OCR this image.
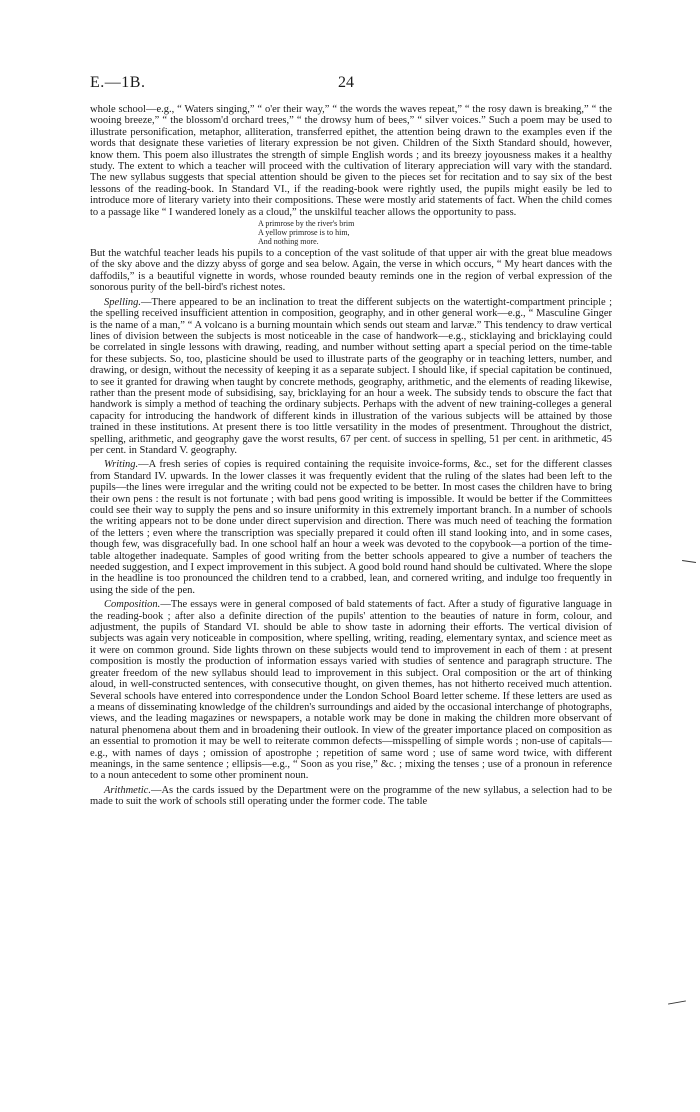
E.—1B.	24

whole school—e.g., “ Waters singing,” “ o'er their way,” “ the words the waves repeat,” “ the rosy dawn is breaking,” “ the wooing breeze,” “ the blossom'd orchard trees,” “ the drowsy hum of bees,” “ silver voices.” Such a poem may be used to illustrate personification, metaphor, alliteration, transferred epithet, the attention being drawn to the examples even if the words that designate these varieties of literary expression be not given. Children of the Sixth Standard should, however, know them. This poem also illustrates the strength of simple English words ; and its breezy joyousness makes it a healthy study. The extent to which a teacher will proceed with the cultivation of literary appreciation will vary with the standard. The new syllabus suggests that special attention should be given to the pieces set for recitation and to say six of the best lessons of the reading-book. In Standard VI., if the reading-book were rightly used, the pupils might easily be led to introduce more of literary variety into their compositions. These were mostly arid statements of fact. When the child comes to a passage like “ I wandered lonely as a cloud,” the unskilful teacher allows the opportunity to pass.

A primrose by the river's brim
A yellow primrose is to him,
And nothing more.

But the watchful teacher leads his pupils to a conception of the vast solitude of that upper air with the great blue meadows of the sky above and the dizzy abyss of gorge and sea below. Again, the verse in which occurs, “ My heart dances with the daffodils,” is a beautiful vignette in words, whose rounded beauty reminds one in the region of verbal expression of the sonorous purity of the bell-bird's richest notes.

Spelling.—There appeared to be an inclination to treat the different subjects on the watertight-compartment principle ; the spelling received insufficient attention in composition, geography, and in other general work—e.g., “ Masculine Ginger is the name of a man,” “ A volcano is a burning mountain which sends out steam and larvæ.” This tendency to draw vertical lines of division between the subjects is most noticeable in the case of handwork—e.g., sticklaying and bricklaying could be correlated in single lessons with drawing, reading, and number without setting apart a special period on the time-table for these subjects. So, too, plasticine should be used to illustrate parts of the geography or in teaching letters, number, and drawing, or design, without the necessity of keeping it as a separate subject. I should like, if special capitation be continued, to see it granted for drawing when taught by concrete methods, geography, arithmetic, and the elements of reading likewise, rather than the present mode of subsidising, say, bricklaying for an hour a week. The subsidy tends to obscure the fact that handwork is simply a method of teaching the ordinary subjects. Perhaps with the advent of new training-colleges a general capacity for introducing the handwork of different kinds in illustration of the various subjects will be attained by those trained in these institutions. At present there is too little versatility in the modes of presentment. Throughout the district, spelling, arithmetic, and geography gave the worst results, 67 per cent. of success in spelling, 51 per cent. in arithmetic, 45 per cent. in Standard V. geography.

Writing.—A fresh series of copies is required containing the requisite invoice-forms, &c., set for the different classes from Standard IV. upwards. In the lower classes it was frequently evident that the ruling of the slates had been left to the pupils—the lines were irregular and the writing could not be expected to be better. In most cases the children have to bring their own pens : the result is not fortunate ; with bad pens good writing is impossible. It would be better if the Committees could see their way to supply the pens and so insure uniformity in this extremely important branch. In a number of schools the writing appears not to be done under direct supervision and direction. There was much need of teaching the formation of the letters ; even where the transcription was specially prepared it could often ill stand looking into, and in some cases, though few, was disgracefully bad. In one school half an hour a week was devoted to the copybook—a portion of the time-table altogether inadequate. Samples of good writing from the better schools appeared to give a number of teachers the needed suggestion, and I expect improvement in this subject. A good bold round hand should be cultivated. Where the slope in the headline is too pronounced the children tend to a crabbed, lean, and cornered writing, and indulge too frequently in using the side of the pen.

Composition.—The essays were in general composed of bald statements of fact. After a study of figurative language in the reading-book ; after also a definite direction of the pupils' attention to the beauties of nature in form, colour, and adjustment, the pupils of Standard VI. should be able to show taste in adorning their efforts. The vertical division of subjects was again very noticeable in composition, where spelling, writing, reading, elementary syntax, and science meet as it were on common ground. Side lights thrown on these subjects would tend to improvement in each of them : at present composition is mostly the production of information essays varied with studies of sentence and paragraph structure. The greater freedom of the new syllabus should lead to improvement in this subject. Oral composition or the art of thinking aloud, in well-constructed sentences, with consecutive thought, on given themes, has not hitherto received much attention. Several schools have entered into correspondence under the London School Board letter scheme. If these letters are used as a means of disseminating knowledge of the children's surroundings and aided by the occasional interchange of photographs, views, and the leading magazines or newspapers, a notable work may be done in making the children more observant of natural phenomena about them and in broadening their outlook. In view of the greater importance placed on composition as an essential to promotion it may be well to reiterate common defects—misspelling of simple words ; non-use of capitals—e.g., with names of days ; omission of apostrophe ; repetition of same word ; use of same word twice, with different meanings, in the same sentence ; ellipsis—e.g., “ Soon as you rise,” &c. ; mixing the tenses ; use of a pronoun in reference to a noun antecedent to some other prominent noun.

Arithmetic.—As the cards issued by the Department were on the programme of the new syllabus, a selection had to be made to suit the work of schools still operating under the former code. The table
